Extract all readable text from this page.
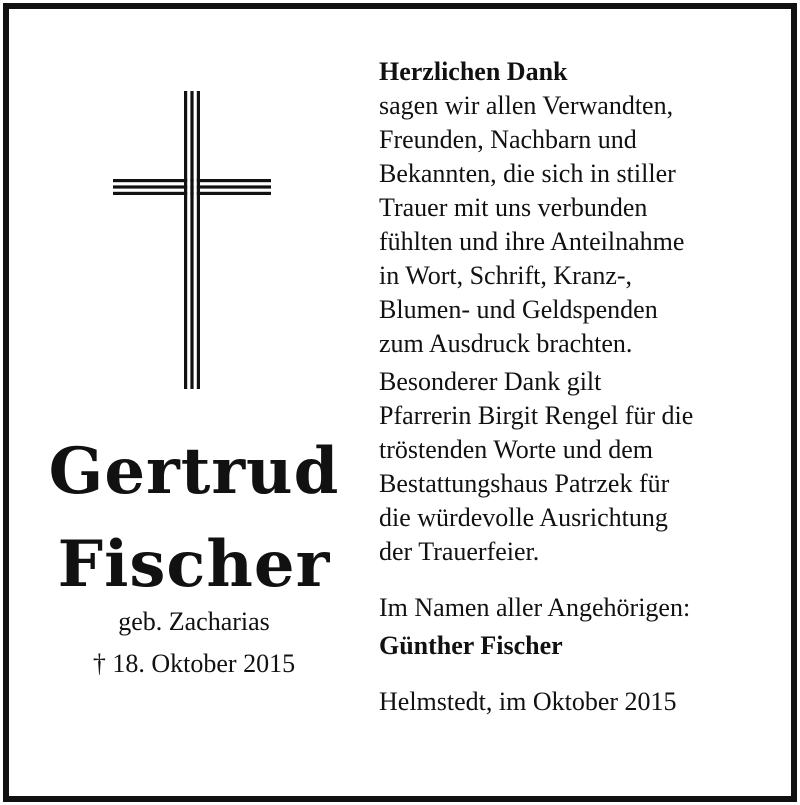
Gertrud
Fischer
geb. Zacharias
† 18. Oktober 2015
Herzlichen Dank
sagen wir allen Verwandten,
Freunden, Nachbarn und
Bekannten, die sich in stiller
Trauer mit uns verbunden
fühlten und ihre Anteilnahme
in Wort, Schrift, Kranz-,
Blumen- und Geldspenden
zum Ausdruck brachten.
Besonderer Dank gilt
Pfarrerin Birgit Rengel für die
tröstenden Worte und dem
Bestattungshaus Patrzek für
die würdevolle Ausrichtung
der Trauerfeier.
Im Namen aller Angehörigen:
Günther Fischer
Helmstedt, im Oktober 2015
